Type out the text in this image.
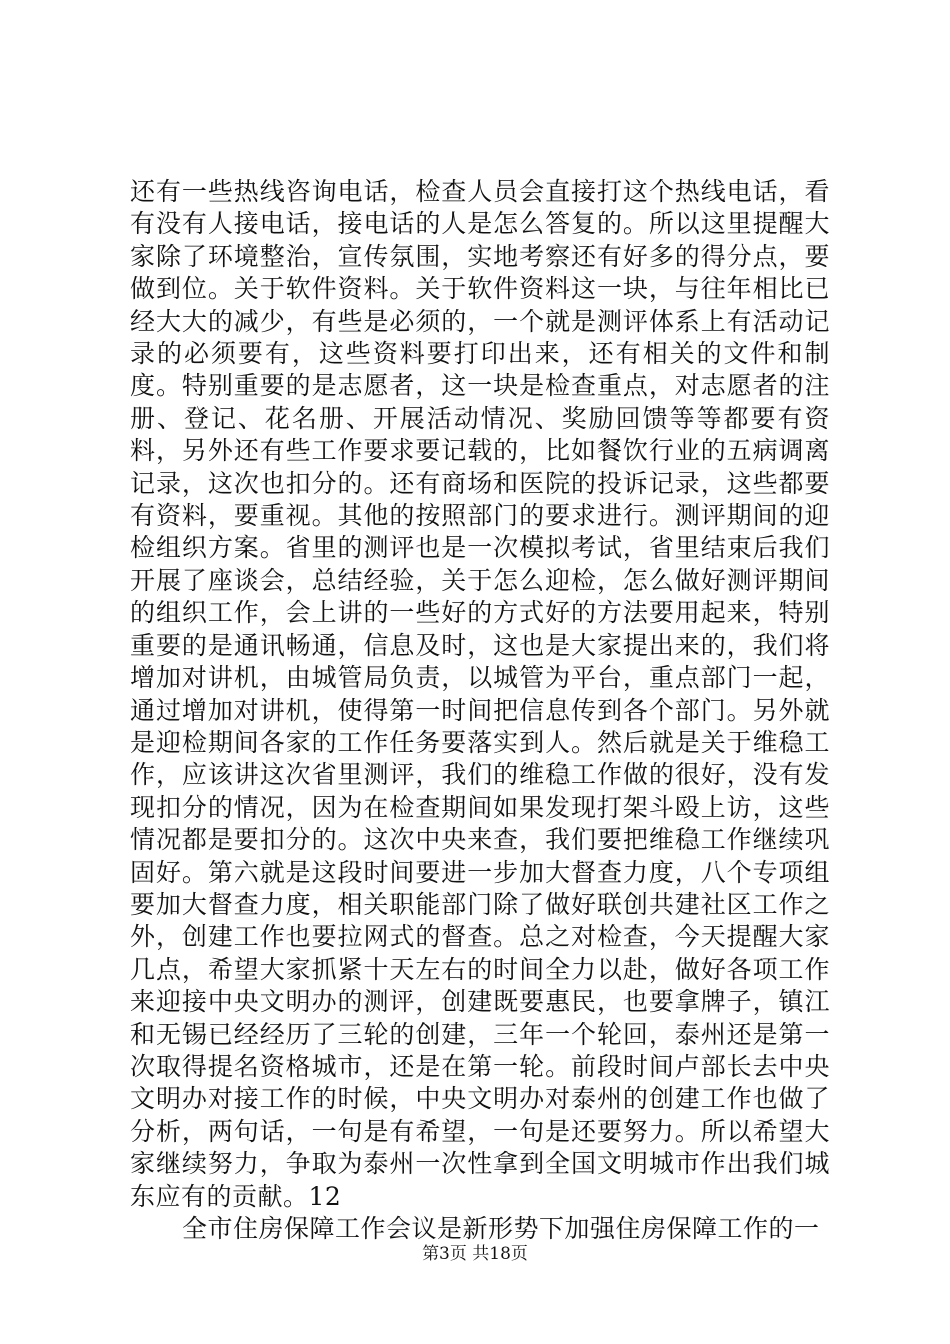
还有一些热线咨询电话，检查人员会直接打这个热线电话，看有没有人接电话，接电话的人是怎么答复的。所以这里提醒大家除了环境整治，宣传氛围，实地考察还有好多的得分点，要做到位。关于软件资料。关于软件资料这一块，与往年相比已经大大的减少，有些是必须的，一个就是测评体系上有活动记录的必须要有，这些资料要打印出来，还有相关的文件和制度。特别重要的是志愿者，这一块是检查重点，对志愿者的注册、登记、花名册、开展活动情况、奖励回馈等等都要有资料，另外还有些工作要求要记载的，比如餐饮行业的五病调离记录，这次也扣分的。还有商场和医院的投诉记录，这些都要有资料，要重视。其他的按照部门的要求进行。测评期间的迎检组织方案。省里的测评也是一次模拟考试，省里结束后我们开展了座谈会，总结经验，关于怎么迎检，怎么做好测评期间的组织工作，会上讲的一些好的方式好的方法要用起来，特别重要的是通讯畅通，信息及时，这也是大家提出来的，我们将增加对讲机，由城管局负责，以城管为平台，重点部门一起，通过增加对讲机，使得第一时间把信息传到各个部门。另外就是迎检期间各家的工作任务要落实到人。然后就是关于维稳工作，应该讲这次省里测评，我们的维稳工作做的很好，没有发现扣分的情况，因为在检查期间如果发现打架斗殴上访，这些情况都是要扣分的。这次中央来查，我们要把维稳工作继续巩固好。第六就是这段时间要进一步加大督查力度，八个专项组要加大督查力度，相关职能部门除了做好联创共建社区工作之外，创建工作也要拉网式的督查。总之对检查，今天提醒大家几点，希望大家抓紧十天左右的时间全力以赴，做好各项工作来迎接中央文明办的测评，创建既要惠民，也要拿牌子，镇江和无锡已经经历了三轮的创建，三年一个轮回，泰州还是第一次取得提名资格城市，还是在第一轮。前段时间卢部长去中央文明办对接工作的时候，中央文明办对泰州的创建工作也做了分析，两句话，一句是有希望，一句是还要努力。所以希望大家继续努力，争取为泰州一次性拿到全国文明城市作出我们城东应有的贡献。12

全市住房保障工作会议是新形势下加强住房保障工作的一

第3页 共18页
